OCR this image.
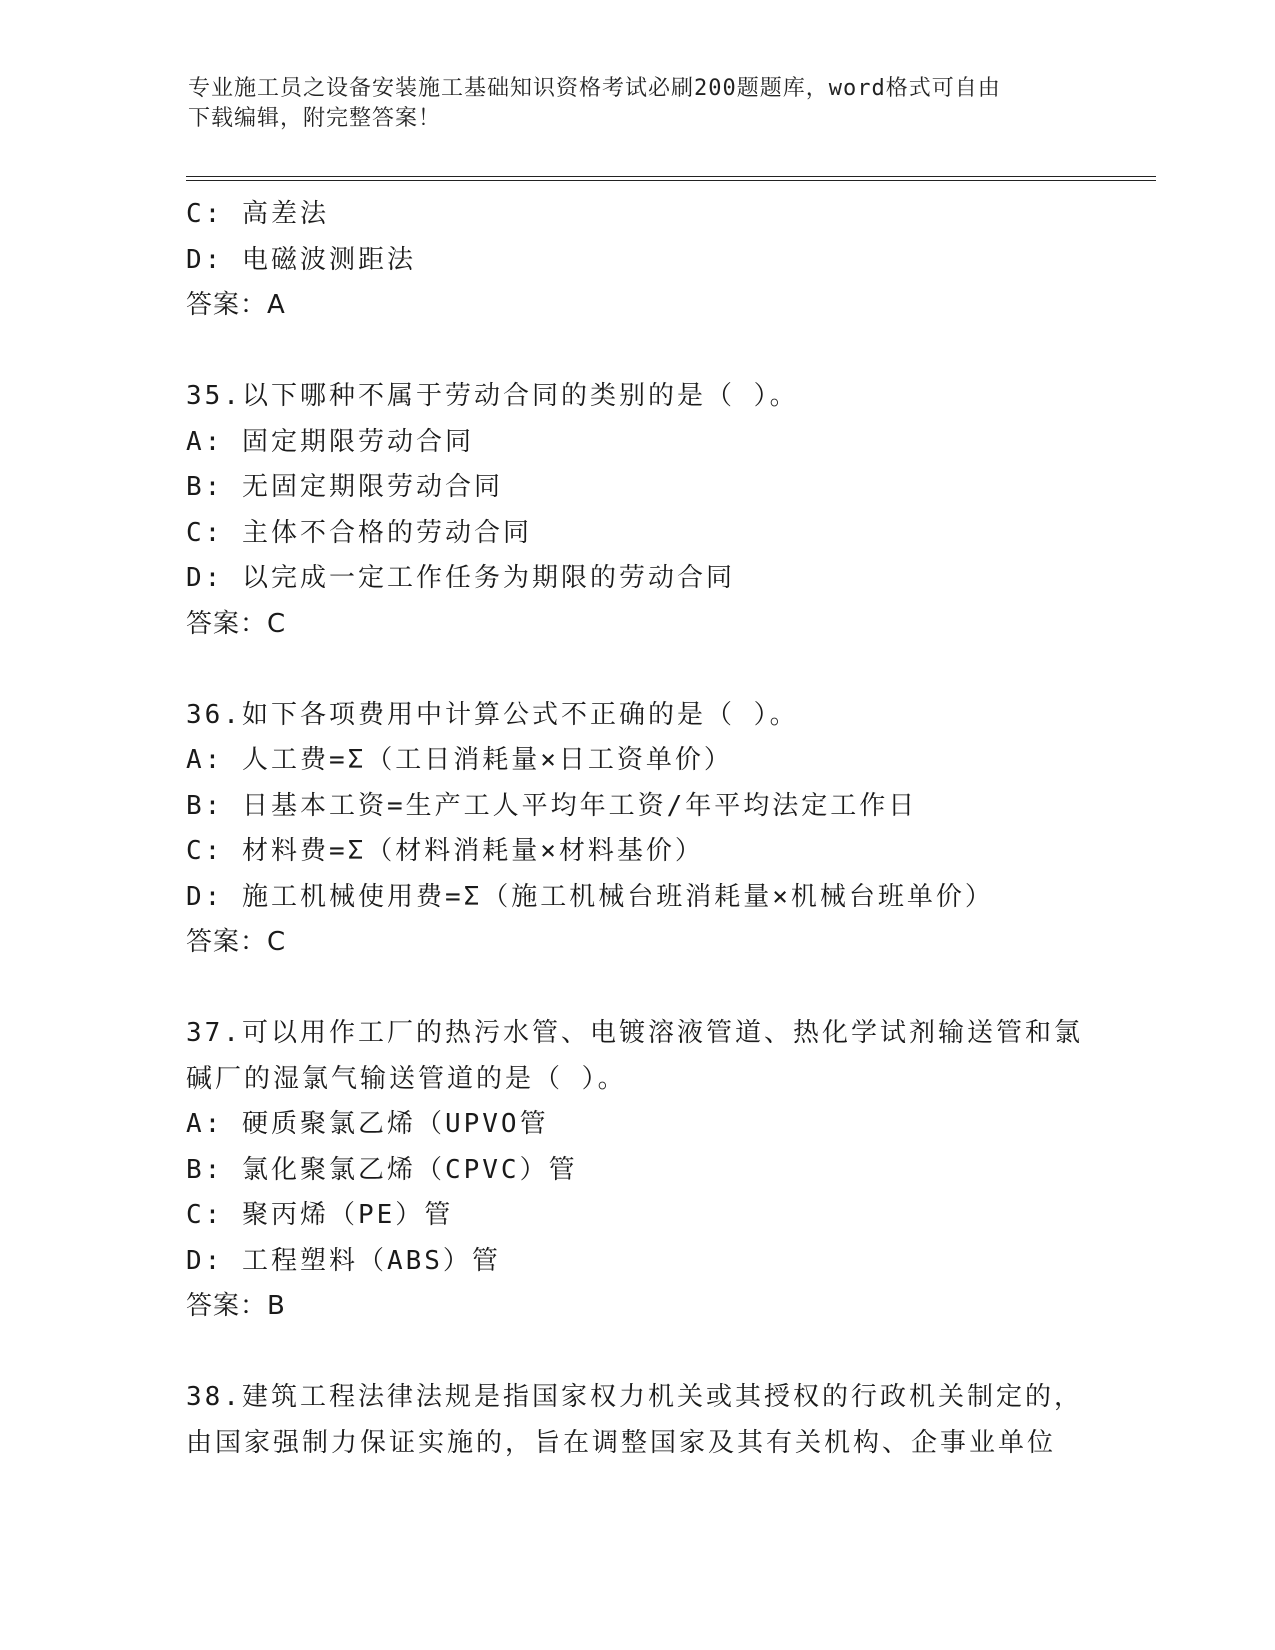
专业施工员之设备安装施工基础知识资格考试必刷200题题库，word格式可自由
下载编辑，附完整答案！
C: 高差法
D: 电磁波测距法
答案：A
35.以下哪种不属于劳动合同的类别的是（ ）。
A: 固定期限劳动合同
B: 无固定期限劳动合同
C: 主体不合格的劳动合同
D: 以完成一定工作任务为期限的劳动合同
答案：C
36.如下各项费用中计算公式不正确的是（ ）。
A: 人工费=Σ（工日消耗量×日工资单价）
B: 日基本工资=生产工人平均年工资/年平均法定工作日
C: 材料费=Σ（材料消耗量×材料基价）
D: 施工机械使用费=Σ（施工机械台班消耗量×机械台班单价）
答案：C
37.可以用作工厂的热污水管、电镀溶液管道、热化学试剂输送管和氯
碱厂的湿氯气输送管道的是（ ）。
A: 硬质聚氯乙烯（UPVO管
B: 氯化聚氯乙烯（CPVC）管
C: 聚丙烯（PE）管
D: 工程塑料（ABS）管
答案：B
38.建筑工程法律法规是指国家权力机关或其授权的行政机关制定的，
由国家强制力保证实施的，旨在调整国家及其有关机构、企事业单位
